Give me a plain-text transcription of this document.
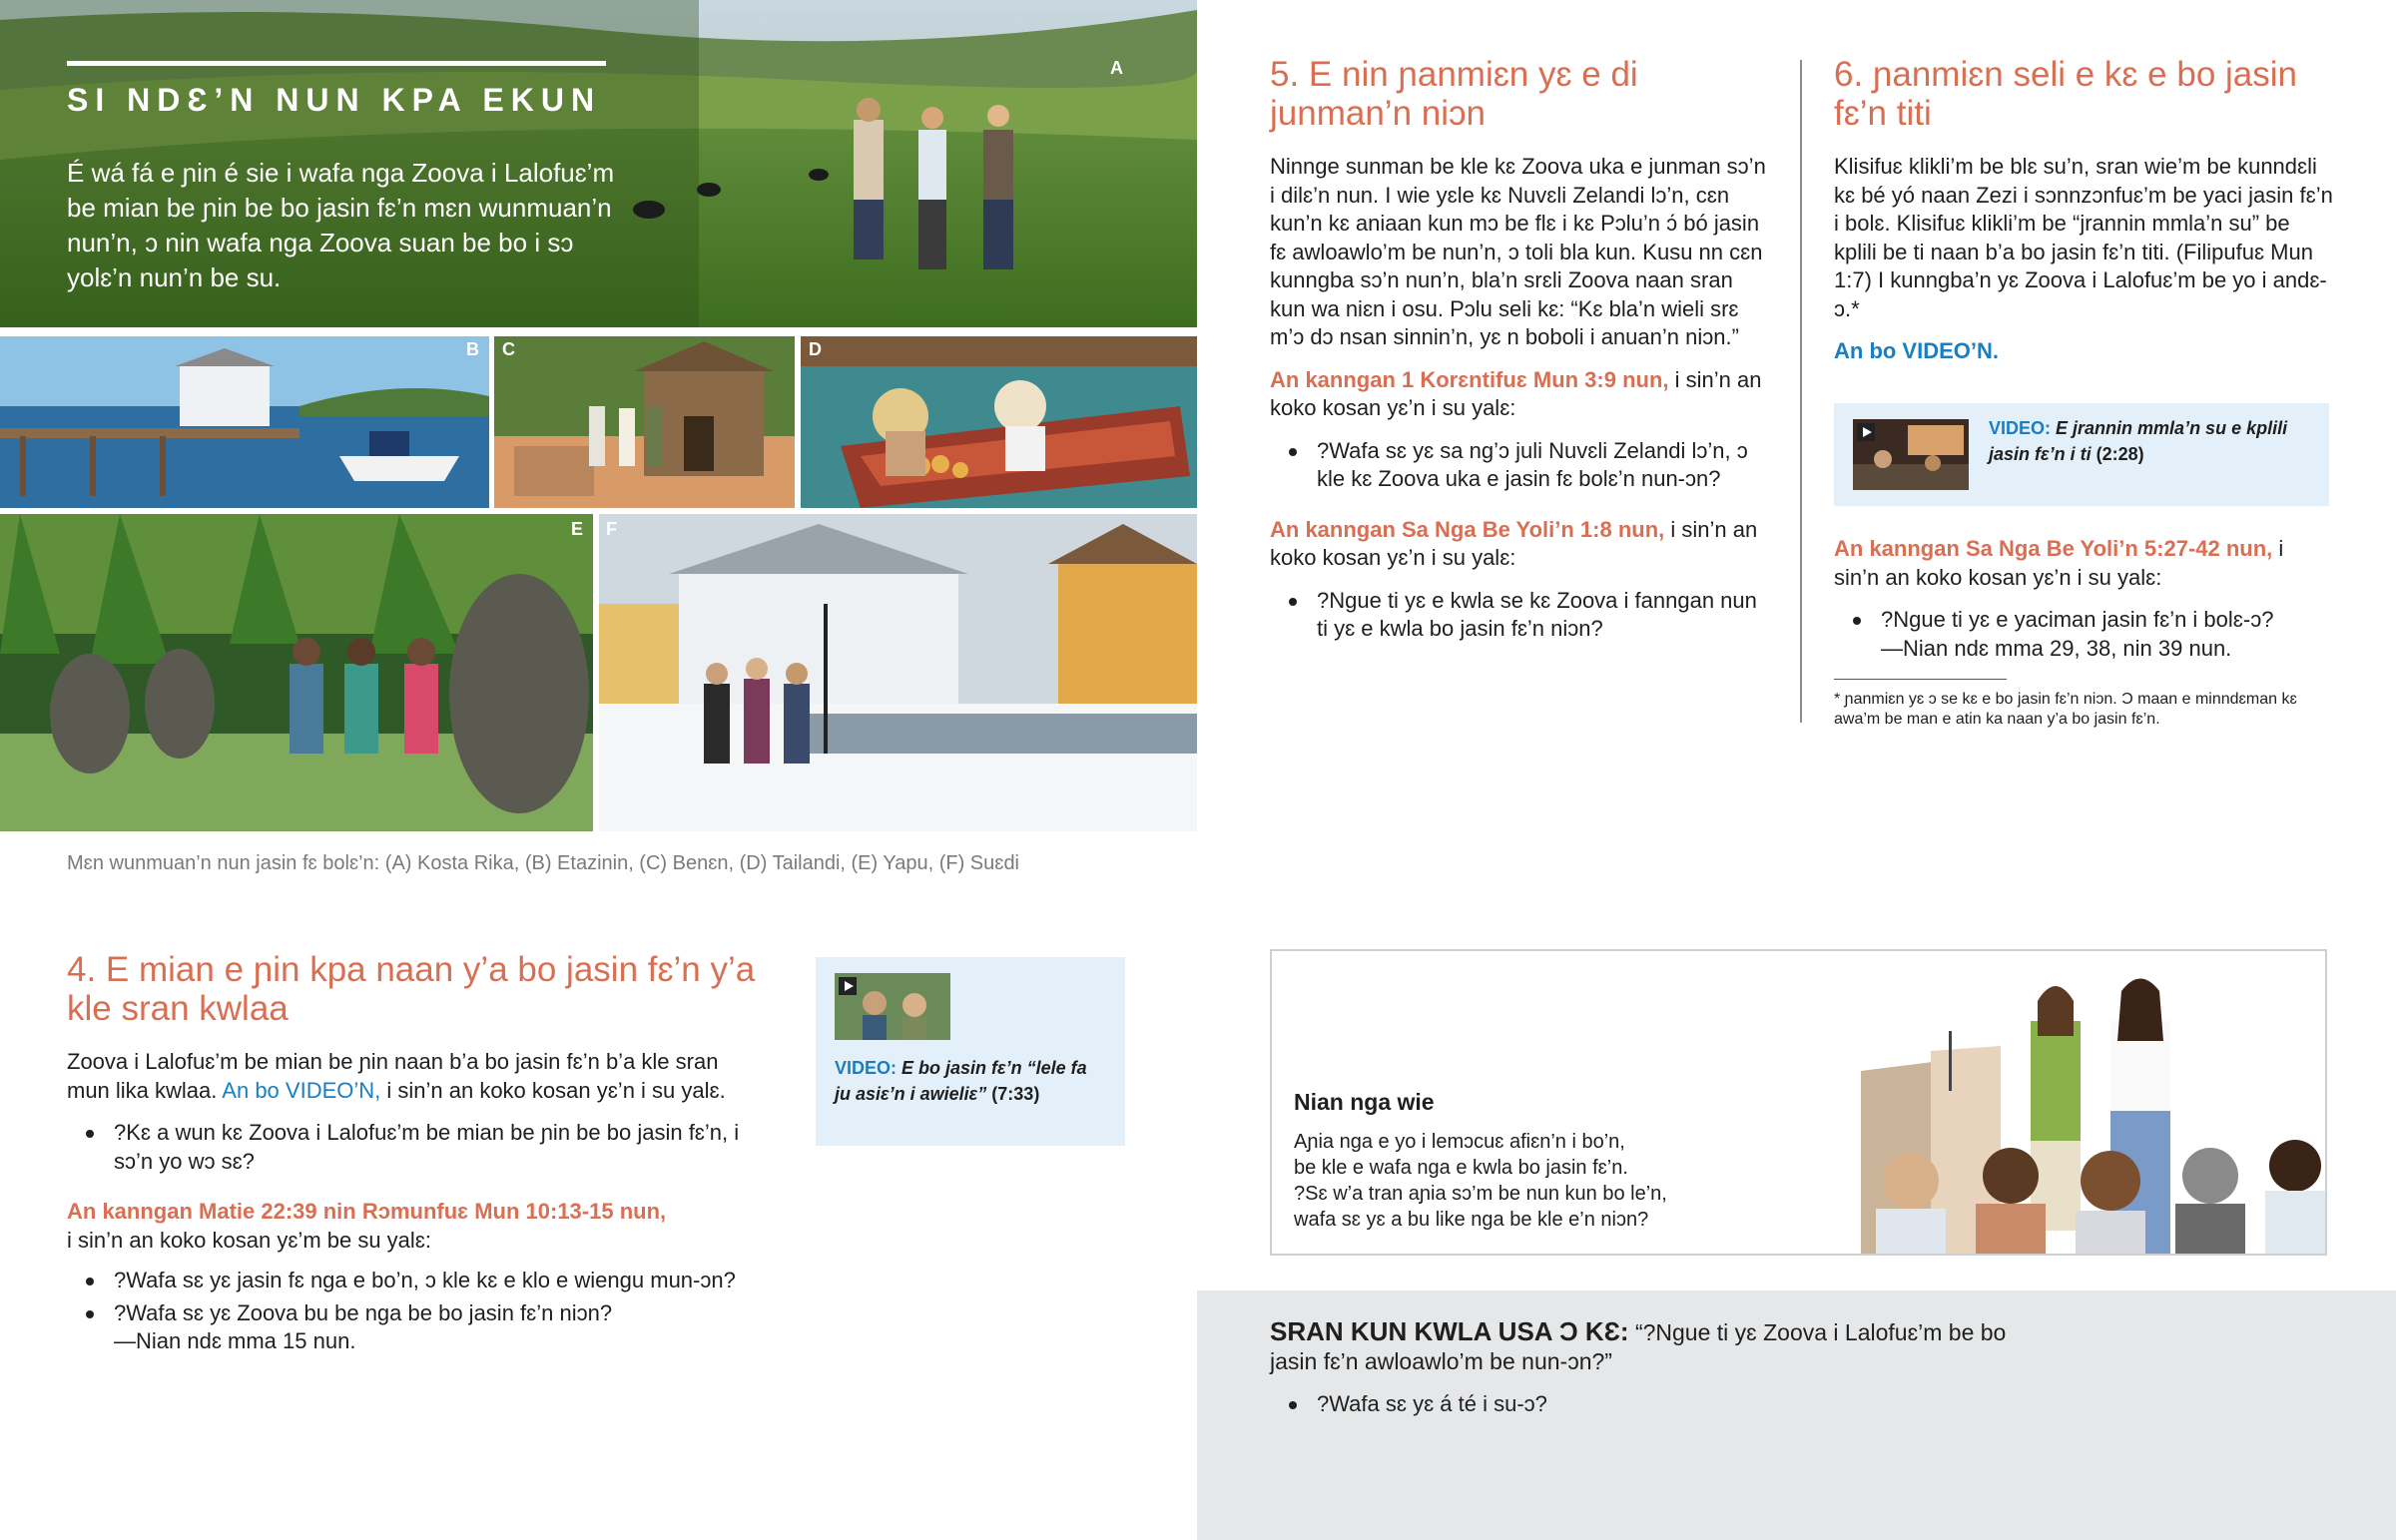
SI NDƐ’N NUN KPA EKUN
É wá fá e ɲin é sie i wafa nga Zoova i Lalofuɛ’m be mian be ɲin be bo jasin fɛ’n mɛn wunmuan’n nun’n, ɔ nin wafa nga Zoova suan be bo i sɔ yolɛ’n nun’n be su.
A
B C	D
E F
Mɛn wunmuan’n nun jasin fɛ bolɛ’n: (A) Kosta Rika, (B) Etazinin, (C) Benɛn, (D) Tailandi, (E) Yapu, (F) Suɛdi
4. E mian e ɲin kpa naan y’a bo jasin fɛ’n y’a kle sran kwlaa

Zoova i Lalofuɛ’m be mian be ɲin naan b’a bo jasin fɛ’n b’a kle sran mun lika kwlaa. An bo VIDEO’N, i sin’n an koko kosan yɛ’n i su yalɛ.

?Kɛ a wun kɛ Zoova i Lalofuɛ’m be mian be ɲin be bo jasin fɛ’n, i sɔ’n yo wɔ sɛ?

An kanngan Matie 22:39 nin Rɔmunfuɛ Mun 10:13-15 nun,
i sin’n an koko kosan yɛ’m be su yalɛ:

?Wafa sɛ yɛ jasin fɛ nga e bo’n, ɔ kle kɛ e klo e wiengu mun-ɔn?
?Wafa sɛ yɛ Zoova bu be nga be bo jasin fɛ’n niɔn?
—Nian ndɛ mma 15 nun.
VIDEO: E bo jasin fɛ’n “lele fa ju asiɛ’n i awieliɛ” (7:33)
5. E nin ɲanmiɛn yɛ e di junman’n niɔn

Ninnge sunman be kle kɛ Zoova uka e junman sɔ’n i dilɛ’n nun. I wie yɛle kɛ Nuvɛli Zelandi lɔ’n, cɛn kun’n kɛ aniaan kun mɔ be flɛ i kɛ Pɔlu’n ɔ́ bó jasin fɛ awloawlo’m be nun’n, ɔ toli bla kun. Kusu nn cɛn kunngba sɔ’n nun’n, bla’n srɛli Zoova naan sran kun wa niɛn i osu. Pɔlu seli kɛ: “Kɛ bla’n wieli srɛ m’ɔ dɔ nsan sinnin’n, yɛ n boboli i anuan’n niɔn.”

An kanngan 1 Korɛntifuɛ Mun 3:9 nun, i sin’n an koko kosan yɛ’n i su yalɛ:

?Wafa sɛ yɛ sa ng’ɔ juli Nuvɛli Zelandi lɔ’n, ɔ kle kɛ Zoova uka e jasin fɛ bolɛ’n nun-ɔn?

An kanngan Sa Nga Be Yoli’n 1:8 nun, i sin’n an koko kosan yɛ’n i su yalɛ:

?Ngue ti yɛ e kwla se kɛ Zoova i fanngan nun ti yɛ e kwla bo jasin fɛ’n niɔn?
6. ɲanmiɛn seli e kɛ e bo jasin fɛ’n titi

Klisifuɛ klikli’m be blɛ su’n, sran wie’m be kunndɛli kɛ bé yó naan Zezi i sɔnnzɔnfuɛ’m be yaci jasin fɛ’n i bolɛ. Klisifuɛ klikli’m be “jrannin mmla’n su” be kplili be ti naan b’a bo jasin fɛ’n titi. (Filipufuɛ Mun 1:7) I kunngba’n yɛ Zoova i Lalofuɛ’m be yo i andɛ-ɔ.*

An bo VIDEO’N.

VIDEO: E jrannin mmla’n su e kplili jasin fɛ’n i ti (2:28)

An kanngan Sa Nga Be Yoli’n 5:27-42 nun, i sin’n an koko kosan yɛ’n i su yalɛ:

?Ngue ti yɛ e yaciman jasin fɛ’n i bolɛ-ɔ?
—Nian ndɛ mma 29, 38, nin 39 nun.

* ɲanmiɛn yɛ ɔ se kɛ e bo jasin fɛ’n niɔn. Ɔ maan e minndɛman kɛ awa’m be man e atin ka naan y’a bo jasin fɛ’n.

Nian nga wie
Aɲia nga e yo i lemɔcuɛ afiɛn’n i bo’n,
be kle e wafa nga e kwla bo jasin fɛ’n.
?Sɛ w’a tran aɲia sɔ’m be nun kun bo le’n,
wafa sɛ yɛ a bu like nga be kle e’n niɔn?

SRAN KUN KWLA USA Ɔ KƐ: “?Ngue ti yɛ Zoova i Lalofuɛ’m be bo jasin fɛ’n awloawlo’m be nun-ɔn?”

?Wafa sɛ yɛ á té i su-ɔ?
